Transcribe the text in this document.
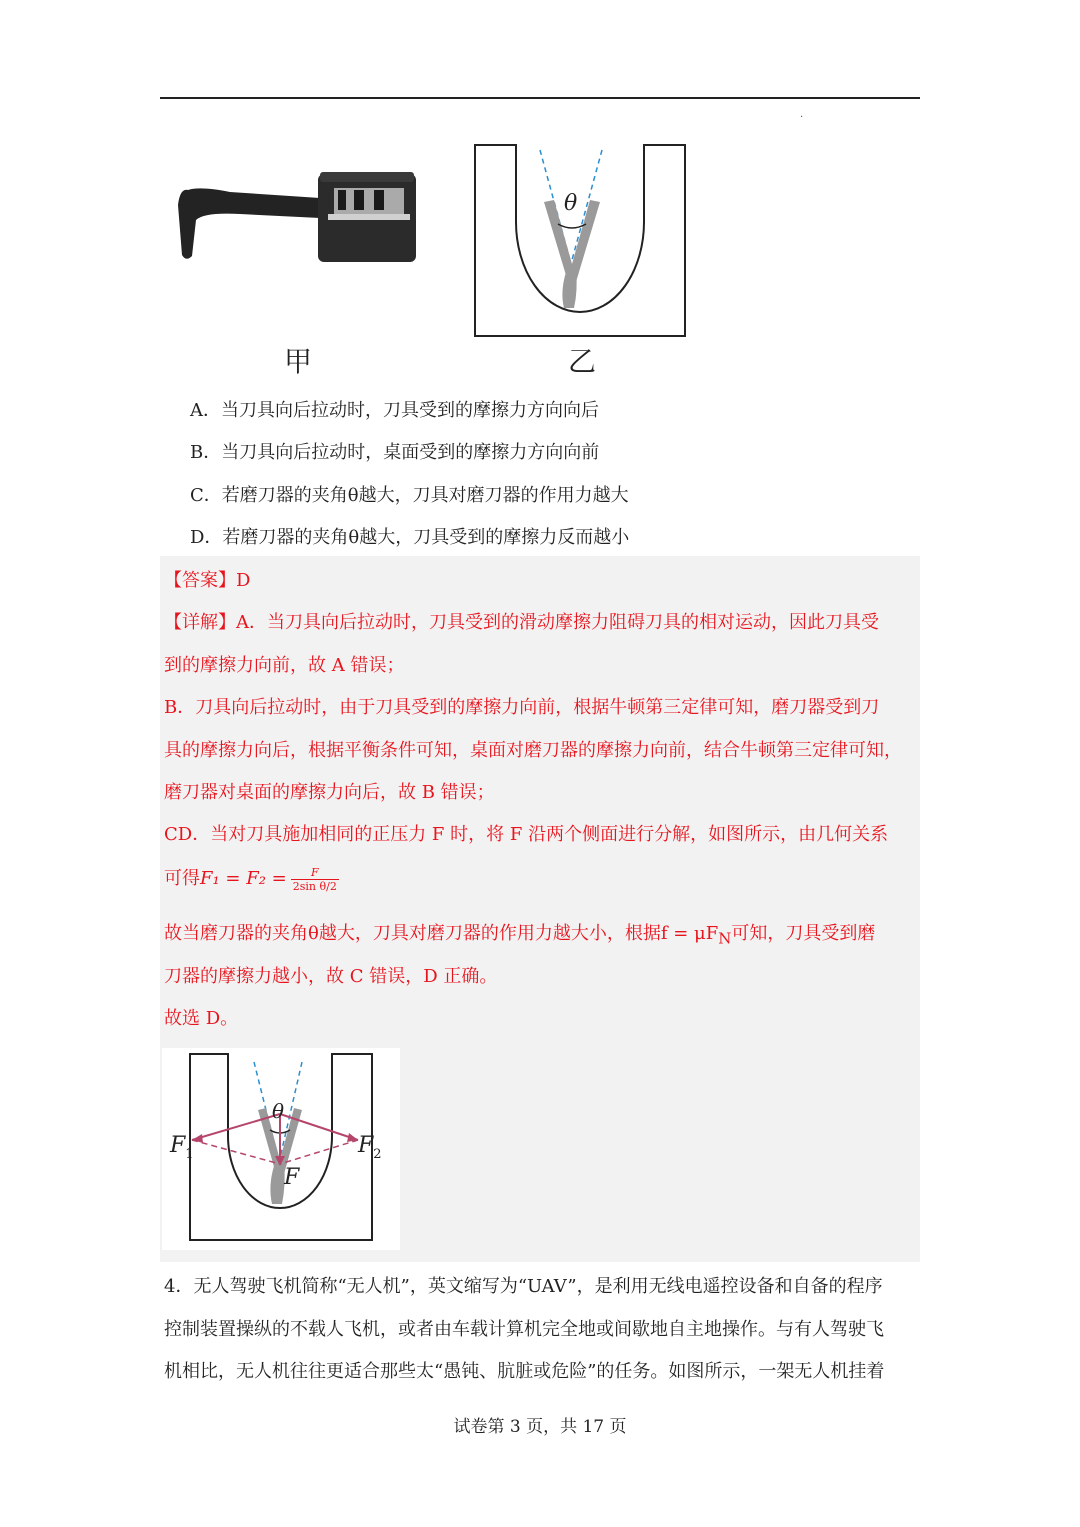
·
甲
θ
乙
A．当刀具向后拉动时，刀具受到的摩擦力方向向后
B．当刀具向后拉动时，桌面受到的摩擦力方向向前
C．若磨刀器的夹角θ越大，刀具对磨刀器的作用力越大
D．若磨刀器的夹角θ越大，刀具受到的摩擦力反而越小
【答案】D
【详解】A．当刀具向后拉动时，刀具受到的滑动摩擦力阻碍刀具的相对运动，因此刀具受
到的摩擦力向前，故 A 错误；
B．刀具向后拉动时，由于刀具受到的摩擦力向前，根据牛顿第三定律可知，磨刀器受到刀
具的摩擦力向后，根据平衡条件可知，桌面对磨刀器的摩擦力向前，结合牛顿第三定律可知，
磨刀器对桌面的摩擦力向后，故 B 错误；
CD．当对刀具施加相同的正压力 F 时，将 F 沿两个侧面进行分解，如图所示，由几何关系
可得$F_1 = F_2 = \frac{F}{\text{2sin θ/2}}$
故当磨刀器的夹角θ越大，刀具对磨刀器的作用力越大小，根据$f = \mu F_N$可知，刀具受到磨
刀器的摩擦力越小，故 C 错误，D 正确。
故选 D。
θ
$F_1$	$F_2$
F
4．无人驾驶飞机简称“无人机”，英文缩写为“UAV”，是利用无线电遥控设备和自备的程序
控制装置操纵的不载人飞机，或者由车载计算机完全地或间歇地自主地操作。与有人驾驶飞
机相比，无人机往往更适合那些太“愚钝、肮脏或危险”的任务。如图所示，一架无人机挂着
试卷第 3 页，共 17 页
